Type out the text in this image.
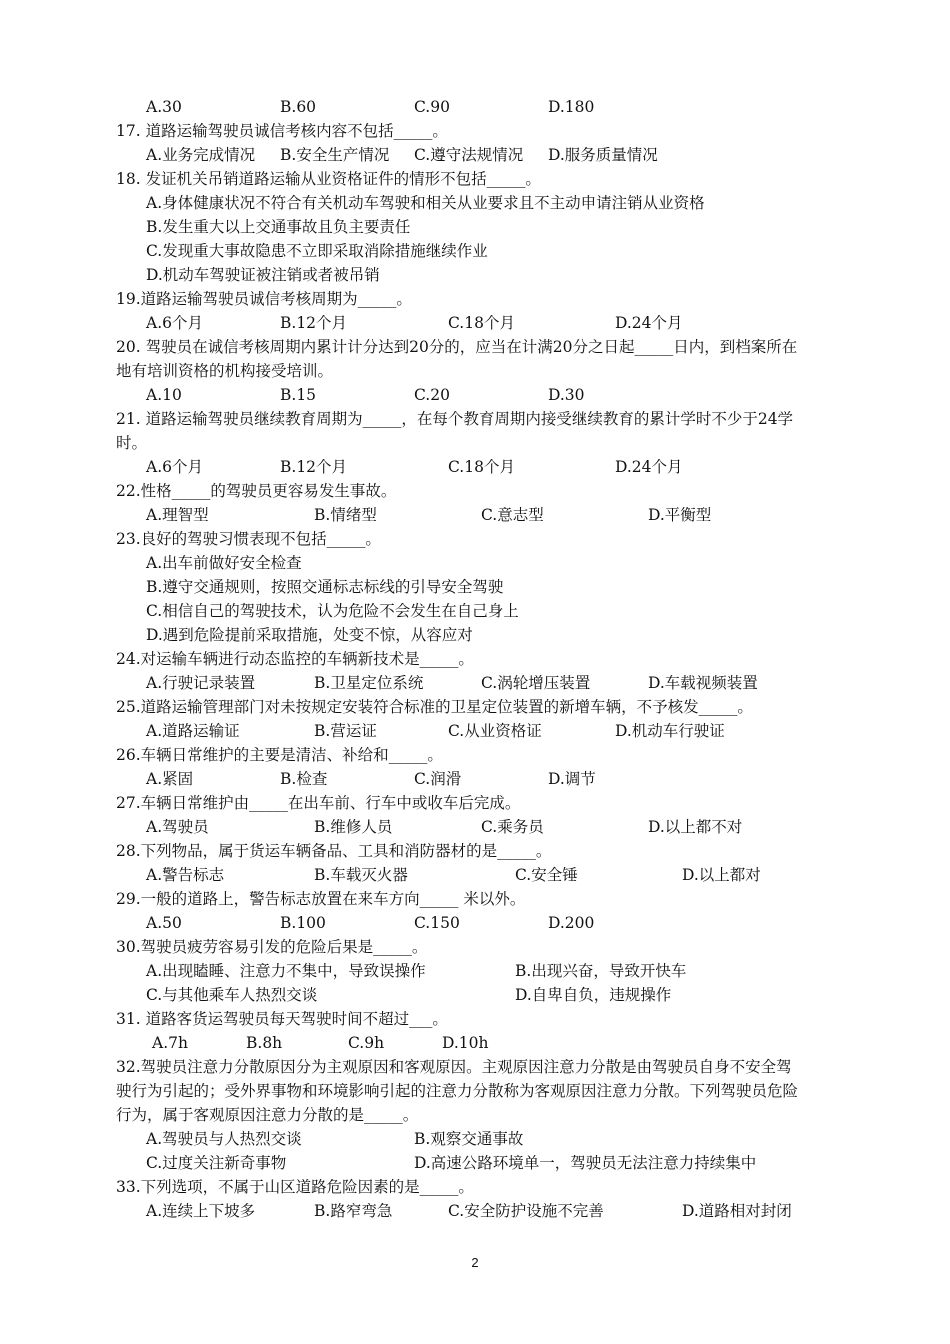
A.30	B.60	C.90	D.180
17. 道路运输驾驶员诚信考核内容不包括_____。
A.业务完成情况 B.安全生产情况 C.遵守法规情况 D.服务质量情况
18. 发证机关吊销道路运输从业资格证件的情形不包括_____。
A.身体健康状况不符合有关机动车驾驶和相关从业要求且不主动申请注销从业资格
B.发生重大以上交通事故且负主要责任
C.发现重大事故隐患不立即采取消除措施继续作业
D.机动车驾驶证被注销或者被吊销
19.道路运输驾驶员诚信考核周期为_____。
A.6个月	B.12个月	C.18个月	D.24个月
20. 驾驶员在诚信考核周期内累计计分达到20分的，应当在计满20分之日起_____日内，到档案所在
地有培训资格的机构接受培训。
A.10	B.15	C.20	D.30
21. 道路运输驾驶员继续教育周期为_____，在每个教育周期内接受继续教育的累计学时不少于24学
时。
A.6个月	B.12个月	C.18个月	D.24个月
22.性格_____的驾驶员更容易发生事故。
A.理智型	B.情绪型	C.意志型	D.平衡型
23.良好的驾驶习惯表现不包括_____。
A.出车前做好安全检查
B.遵守交通规则，按照交通标志标线的引导安全驾驶
C.相信自己的驾驶技术，认为危险不会发生在自己身上
D.遇到危险提前采取措施，处变不惊，从容应对
24.对运输车辆进行动态监控的车辆新技术是_____。
A.行驶记录装置	B.卫星定位系统	C.涡轮增压装置	D.车载视频装置
25.道路运输管理部门对未按规定安装符合标准的卫星定位装置的新增车辆，不予核发_____。
A.道路运输证	B.营运证	C.从业资格证	D.机动车行驶证
26.车辆日常维护的主要是清洁、补给和_____。
A.紧固	B.检查	C.润滑	D.调节
27.车辆日常维护由_____在出车前、行车中或收车后完成。
A.驾驶员	B.维修人员	C.乘务员	D.以上都不对
28.下列物品，属于货运车辆备品、工具和消防器材的是_____。
A.警告标志	B.车载灭火器	C.安全锤	D.以上都对
29.一般的道路上，警告标志放置在来车方向_____ 米以外。
A.50	B.100	C.150	D.200
30.驾驶员疲劳容易引发的危险后果是_____。
A.出现瞌睡、注意力不集中，导致误操作	B.出现兴奋，导致开快车
C.与其他乘车人热烈交谈	D.自卑自负，违规操作
31. 道路客货运驾驶员每天驾驶时间不超过___。
A.7h	B.8h	C.9h	D.10h
32.驾驶员注意力分散原因分为主观原因和客观原因。主观原因注意力分散是由驾驶员自身不安全驾
驶行为引起的；受外界事物和环境影响引起的注意力分散称为客观原因注意力分散。下列驾驶员危险
行为，属于客观原因注意力分散的是_____。
A.驾驶员与人热烈交谈	B.观察交通事故
C.过度关注新奇事物	D.高速公路环境单一，驾驶员无法注意力持续集中
33.下列选项，不属于山区道路危险因素的是_____。
A.连续上下坡多	B.路窄弯急	C.安全防护设施不完善	D.道路相对封闭
2
